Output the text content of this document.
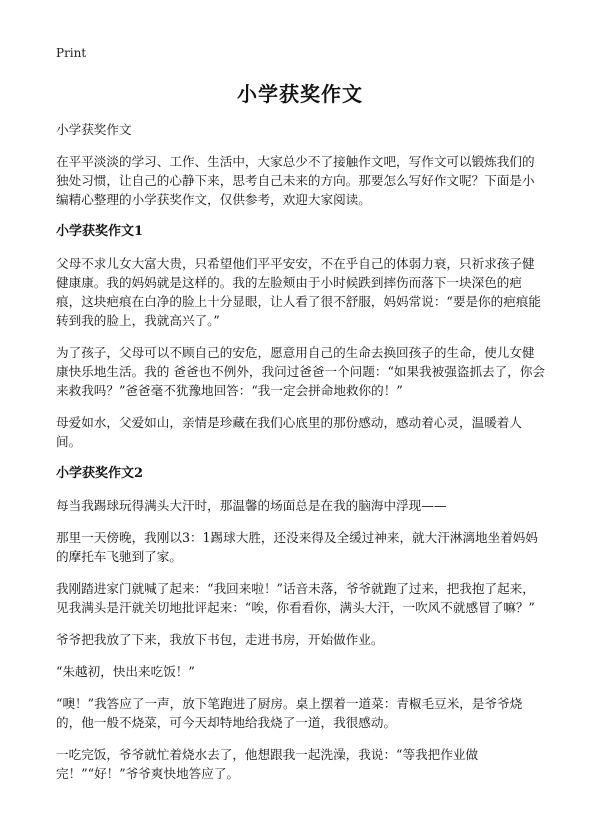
Print
小学获奖作文

小学获奖作文

在平平淡淡的学习、工作、生活中，大家总少不了接触作文吧，写作文可以锻炼我们的独处习惯，让自己的心静下来，思考自己未来的方向。那要怎么写好作文呢？下面是小编精心整理的小学获奖作文，仅供参考，欢迎大家阅读。

小学获奖作文1

父母不求儿女大富大贵，只希望他们平平安安，不在乎自己的体弱力衰，只祈求孩子健健康康。我的妈妈就是这样的。我的左脸颊由于小时候跌到摔伤而落下一块深色的疤痕，这块疤痕在白净的脸上十分显眼，让人看了很不舒服，妈妈常说：“要是你的疤痕能转到我的脸上，我就高兴了。”

为了孩子，父母可以不顾自己的安危，愿意用自己的生命去换回孩子的生命，使儿女健康快乐地生活。我的 爸爸也不例外，我问过爸爸一个问题：“如果我被强盗抓去了，你会来救我吗？”爸爸毫不犹豫地回答：“我一定会拼命地救你的！”

母爱如水，父爱如山，亲情是珍藏在我们心底里的那份感动，感动着心灵，温暖着人间。

小学获奖作文2

每当我踢球玩得满头大汗时，那温馨的场面总是在我的脑海中浮现——

那里一天傍晚，我刚以3：1踢球大胜，还没来得及全缓过神来，就大汗淋漓地坐着妈妈的摩托车飞驰到了家。

我刚踏进家门就喊了起来：“我回来啦！”话音未落，爷爷就跑了过来，把我抱了起来，见我满头是汗就关切地批评起来：“唉，你看看你，满头大汗，一吹风不就感冒了嘛？”

爷爷把我放了下来，我放下书包，走进书房，开始做作业。

“朱越初，快出来吃饭！”

“噢！”我答应了一声，放下笔跑进了厨房。桌上摆着一道菜：青椒毛豆米，是爷爷烧的，他一般不烧菜，可今天却特地给我烧了一道，我很感动。

一吃完饭，爷爷就忙着烧水去了，他想跟我一起洗澡，我说：“等我把作业做完！”“好！”爷爷爽快地答应了。
